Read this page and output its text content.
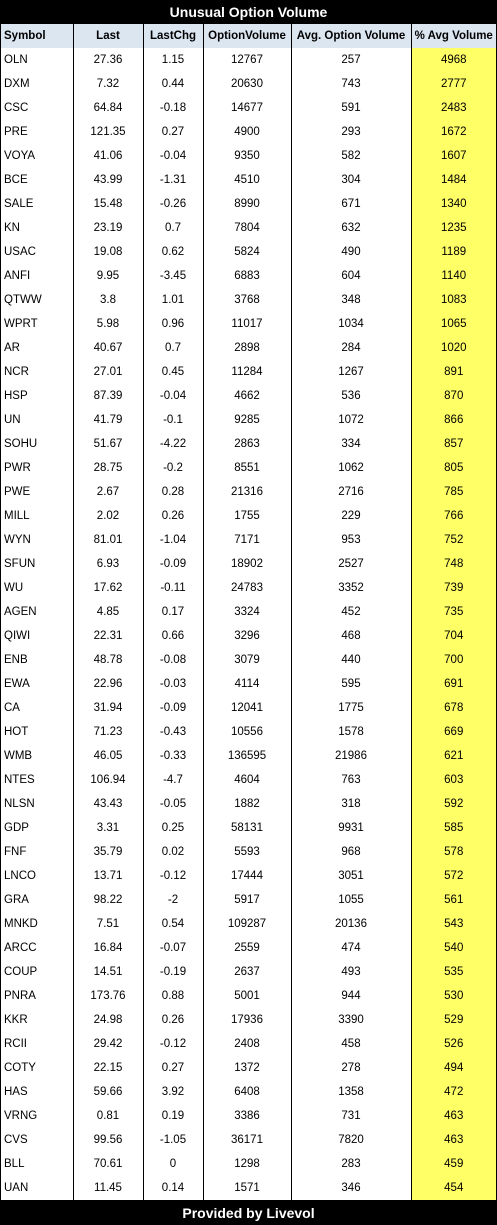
Unusual Option Volume
Symbol	Last	LastChg	OptionVolume	Avg. Option Volume	% Avg Volume
OLN	27.36	1.15	12767	257	4968
DXM	7.32	0.44	20630	743	2777
CSC	64.84	-0.18	14677	591	2483
PRE	121.35	0.27	4900	293	1672
VOYA	41.06	-0.04	9350	582	1607
BCE	43.99	-1.31	4510	304	1484
SALE	15.48	-0.26	8990	671	1340
KN	23.19	0.7	7804	632	1235
USAC	19.08	0.62	5824	490	1189
ANFI	9.95	-3.45	6883	604	1140
QTWW	3.8	1.01	3768	348	1083
WPRT	5.98	0.96	11017	1034	1065
AR	40.67	0.7	2898	284	1020
NCR	27.01	0.45	11284	1267	891
HSP	87.39	-0.04	4662	536	870
UN	41.79	-0.1	9285	1072	866
SOHU	51.67	-4.22	2863	334	857
PWR	28.75	-0.2	8551	1062	805
PWE	2.67	0.28	21316	2716	785
MILL	2.02	0.26	1755	229	766
WYN	81.01	-1.04	7171	953	752
SFUN	6.93	-0.09	18902	2527	748
WU	17.62	-0.11	24783	3352	739
AGEN	4.85	0.17	3324	452	735
QIWI	22.31	0.66	3296	468	704
ENB	48.78	-0.08	3079	440	700
EWA	22.96	-0.03	4114	595	691
CA	31.94	-0.09	12041	1775	678
HOT	71.23	-0.43	10556	1578	669
WMB	46.05	-0.33	136595	21986	621
NTES	106.94	-4.7	4604	763	603
NLSN	43.43	-0.05	1882	318	592
GDP	3.31	0.25	58131	9931	585
FNF	35.79	0.02	5593	968	578
LNCO	13.71	-0.12	17444	3051	572
GRA	98.22	-2	5917	1055	561
MNKD	7.51	0.54	109287	20136	543
ARCC	16.84	-0.07	2559	474	540
COUP	14.51	-0.19	2637	493	535
PNRA	173.76	0.88	5001	944	530
KKR	24.98	0.26	17936	3390	529
RCII	29.42	-0.12	2408	458	526
COTY	22.15	0.27	1372	278	494
HAS	59.66	3.92	6408	1358	472
VRNG	0.81	0.19	3386	731	463
CVS	99.56	-1.05	36171	7820	463
BLL	70.61	0	1298	283	459
UAN	11.45	0.14	1571	346	454
Provided by Livevol
